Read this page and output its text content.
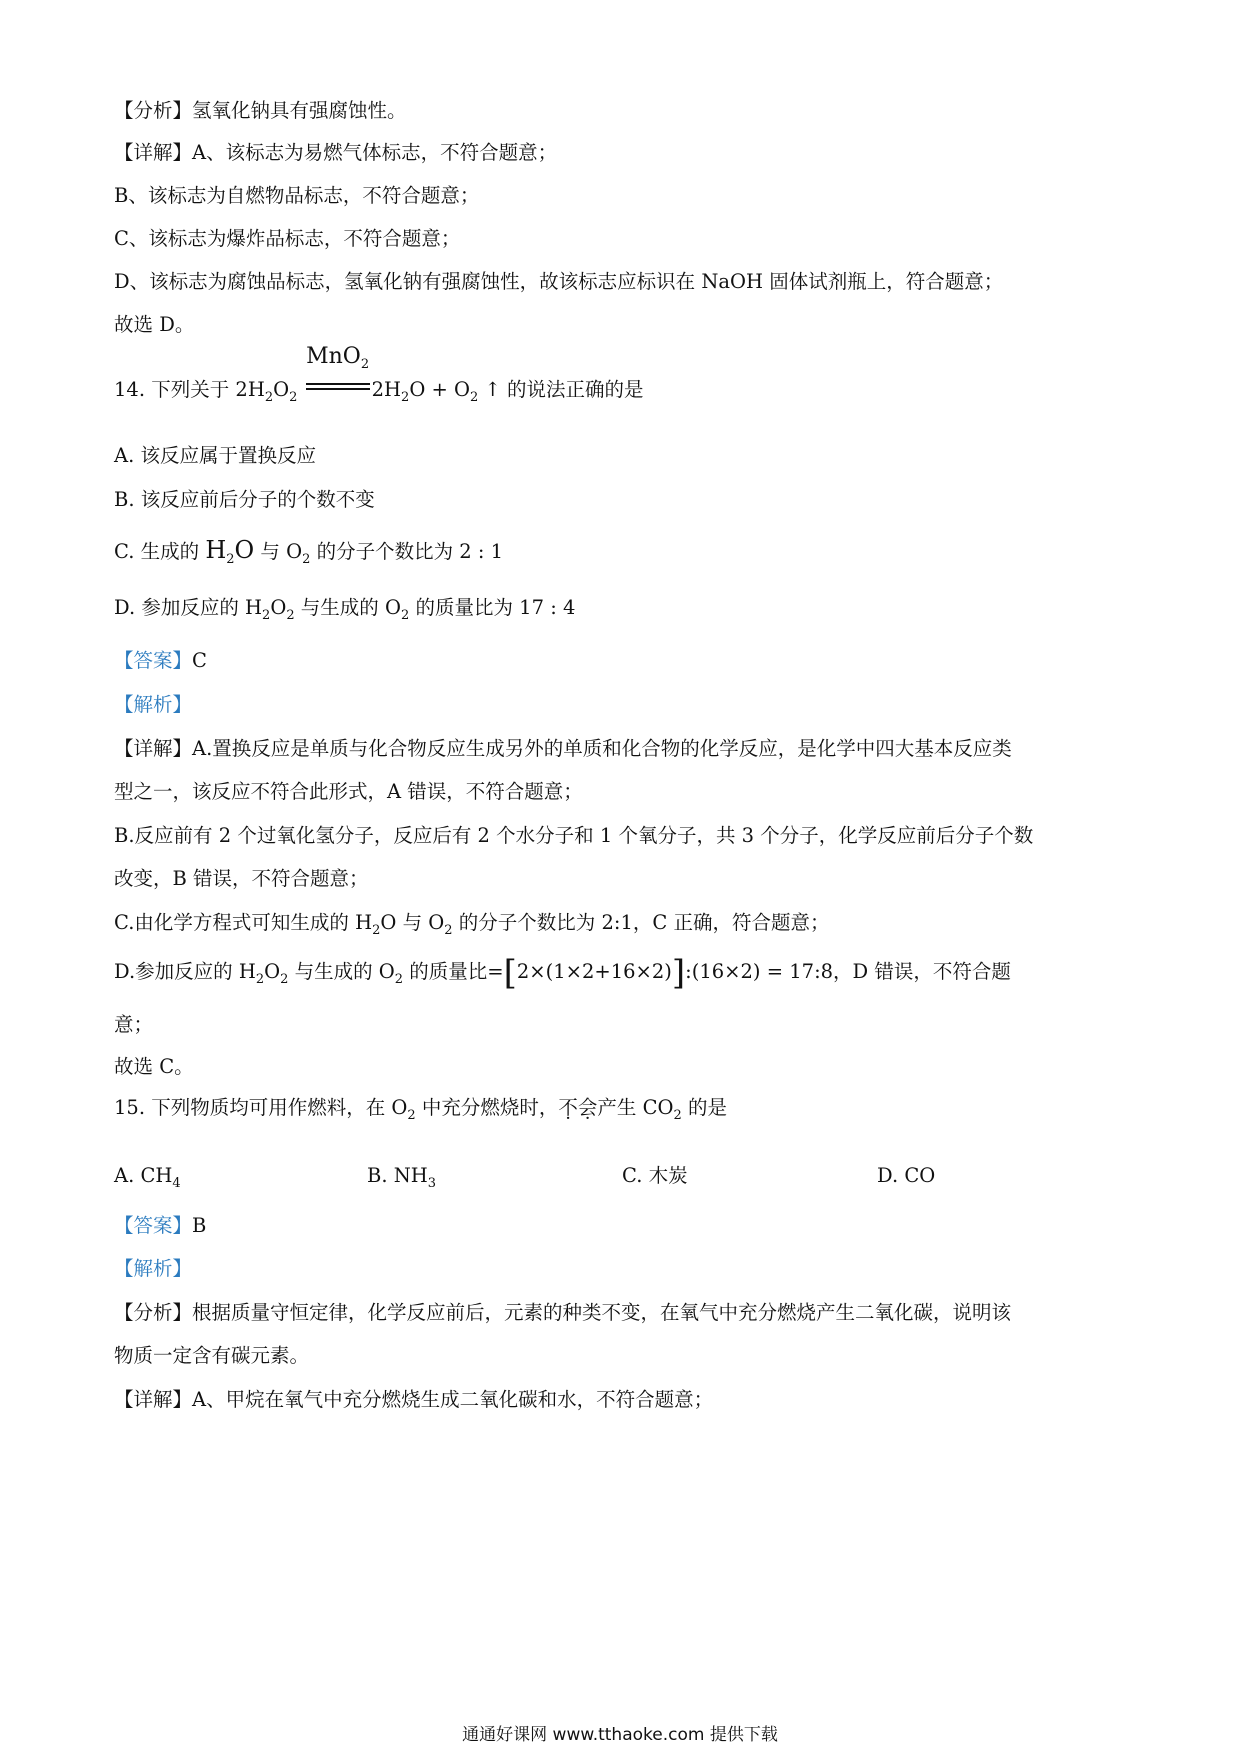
【分析】氢氧化钠具有强腐蚀性。
【详解】A、该标志为易燃气体标志，不符合题意；
B、该标志为自燃物品标志，不符合题意；
C、该标志为爆炸品标志，不符合题意；
D、该标志为腐蚀品标志，氢氧化钠有强腐蚀性，故该标志应标识在 NaOH 固体试剂瓶上，符合题意；
故选 D。
14. 下列关于 $2H_2O_2$
MnO$_2$
$2H_2O + O_2$ ↑ 的说法正确的是
A. 该反应属于置换反应
B. 该反应前后分子的个数不变
C. 生成的 $H_2O$ 与 $O_2$ 的分子个数比为 2 : 1
D. 参加反应的 $H_2O_2$ 与生成的 $O_2$ 的质量比为 17 : 4
【答案】C
【解析】
【详解】A.置换反应是单质与化合物反应生成另外的单质和化合物的化学反应，是化学中四大基本反应类
型之一，该反应不符合此形式，A 错误，不符合题意；
B.反应前有 2 个过氧化氢分子，反应后有 2 个水分子和 1 个氧分子，共 3 个分子，化学反应前后分子个数
改变，B 错误，不符合题意；
C.由化学方程式可知生成的 $H_2O$ 与 $O_2$ 的分子个数比为 2:1，C 正确，符合题意；
D.参加反应的 $H_2O_2$ 与生成的 $O_2$ 的质量比=[2×(1×2+16×2)]:(16×2) = 17:8，D 错误，不符合题
意；
故选 C。
15. 下列物质均可用作燃料，在 $O_2$ 中充分燃烧时，不会产生 $CO_2$ 的是
A. $CH_4$	B. $NH_3$	C. 木炭	D. CO
【答案】B
【解析】
【分析】根据质量守恒定律，化学反应前后，元素的种类不变，在氧气中充分燃烧产生二氧化碳，说明该
物质一定含有碳元素。
【详解】A、甲烷在氧气中充分燃烧生成二氧化碳和水，不符合题意；
通通好课网 www.tthaoke.com 提供下载
